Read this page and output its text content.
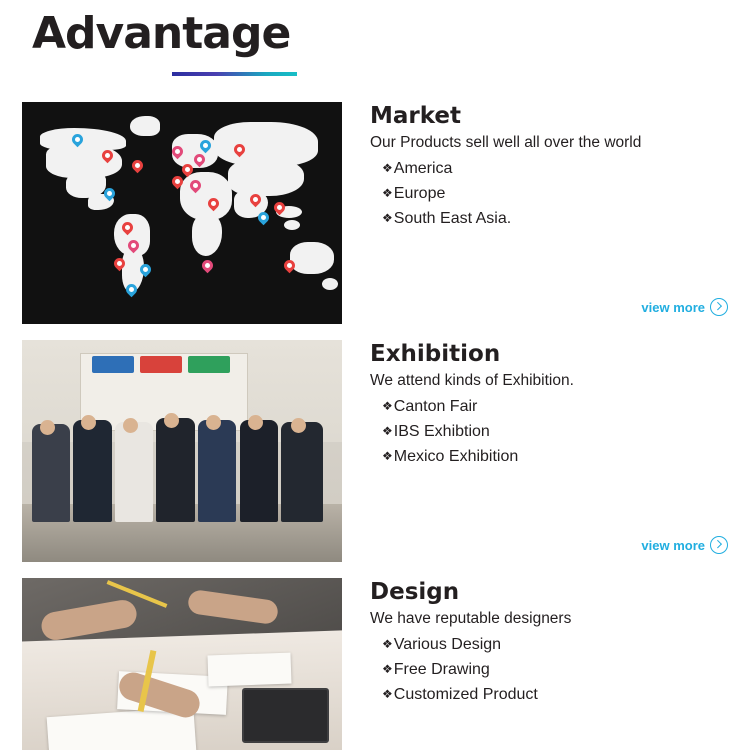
Advantage
Market
Our Products sell well all over the world
❖America
❖Europe
❖South East Asia.
view more
Exhibition
We attend kinds of Exhibition.
❖Canton Fair
❖IBS Exhibtion
❖Mexico Exhibition
view more
Design
We have reputable designers
❖Various Design
❖Free Drawing
❖Customized Product
